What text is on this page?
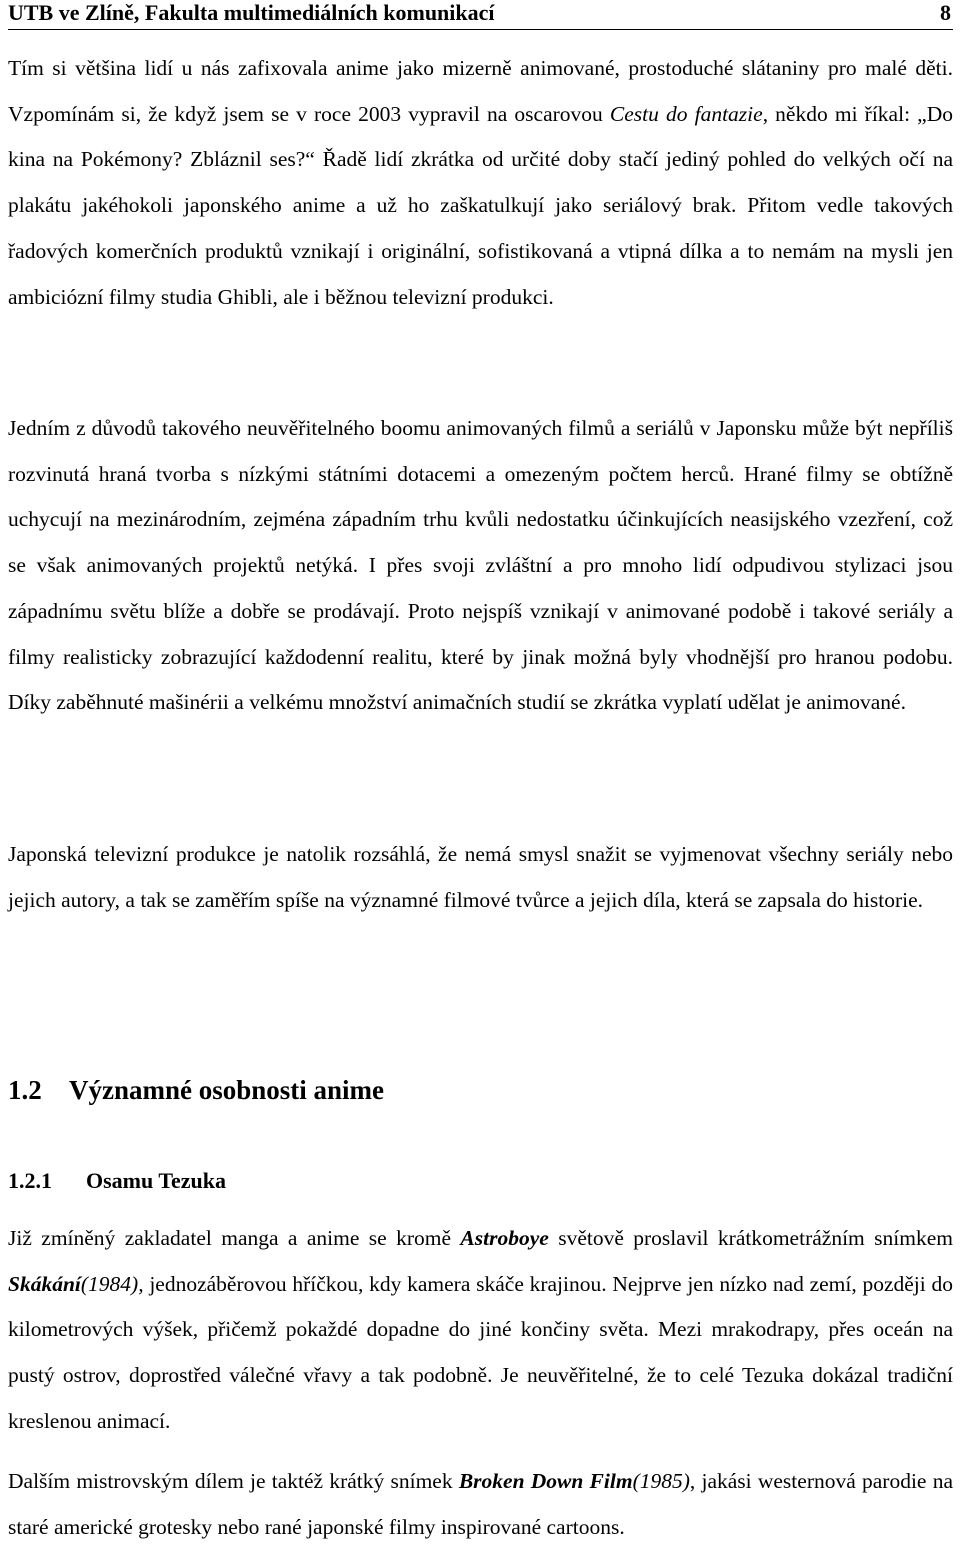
UTB ve Zlíně, Fakulta multimediálních komunikací	8

Tím si většina lidí u nás zafixovala anime jako mizerně animované, prostoduché slátaniny pro malé děti. Vzpomínám si, že když jsem se v roce 2003 vypravil na oscarovou Cestu do fantazie, někdo mi říkal: „Do kina na Pokémony? Zbláznil ses?“ Řadě lidí zkrátka od určité doby stačí jediný pohled do velkých očí na plakátu jakéhokoli japonského anime a už ho zaškatulkují jako seriálový brak. Přitom vedle takových řadových komerčních produktů vznikají i originální, sofistikovaná a vtipná dílka a to nemám na mysli jen ambiciózní filmy studia Ghibli, ale i běžnou televizní produkci.

Jedním z důvodů takového neuvěřitelného boomu animovaných filmů a seriálů v Japonsku může být nepříliš rozvinutá hraná tvorba s nízkými státními dotacemi a omezeným počtem herců. Hrané filmy se obtížně uchycují na mezinárodním, zejména západním trhu kvůli nedostatku účinkujících neasijského vzezření, což se však animovaných projektů netýká. I přes svoji zvláštní a pro mnoho lidí odpudivou stylizaci jsou západnímu světu blíže a dobře se prodávají. Proto nejspíš vznikají v animované podobě i takové seriály a filmy realisticky zobrazující každodenní realitu, které by jinak možná byly vhodnější pro hranou podobu. Díky zaběhnuté mašinérii a velkému množství animačních studií se zkrátka vyplatí udělat je animované.

Japonská televizní produkce je natolik rozsáhlá, že nemá smysl snažit se vyjmenovat všechny seriály nebo jejich autory, a tak se zaměřím spíše na významné filmové tvůrce a jejich díla, která se zapsala do historie.

1.2 Významné osobnosti anime
1.2.1 Osamu Tezuka

Již zmíněný zakladatel manga a anime se kromě Astroboye světově proslavil krátkometrážním snímkem Skákání(1984), jednozáběrovou hříčkou, kdy kamera skáče krajinou. Nejprve jen nízko nad zemí, později do kilometrových výšek, přičemž pokaždé dopadne do jiné končiny světa. Mezi mrakodrapy, přes oceán na pustý ostrov, doprostřed válečné vřavy a tak podobně. Je neuvěřitelné, že to celé Tezuka dokázal tradiční kreslenou animací.

Dalším mistrovským dílem je taktéž krátký snímek Broken Down Film(1985), jakási westernová parodie na staré americké grotesky nebo rané japonské filmy inspirované cartoons.
